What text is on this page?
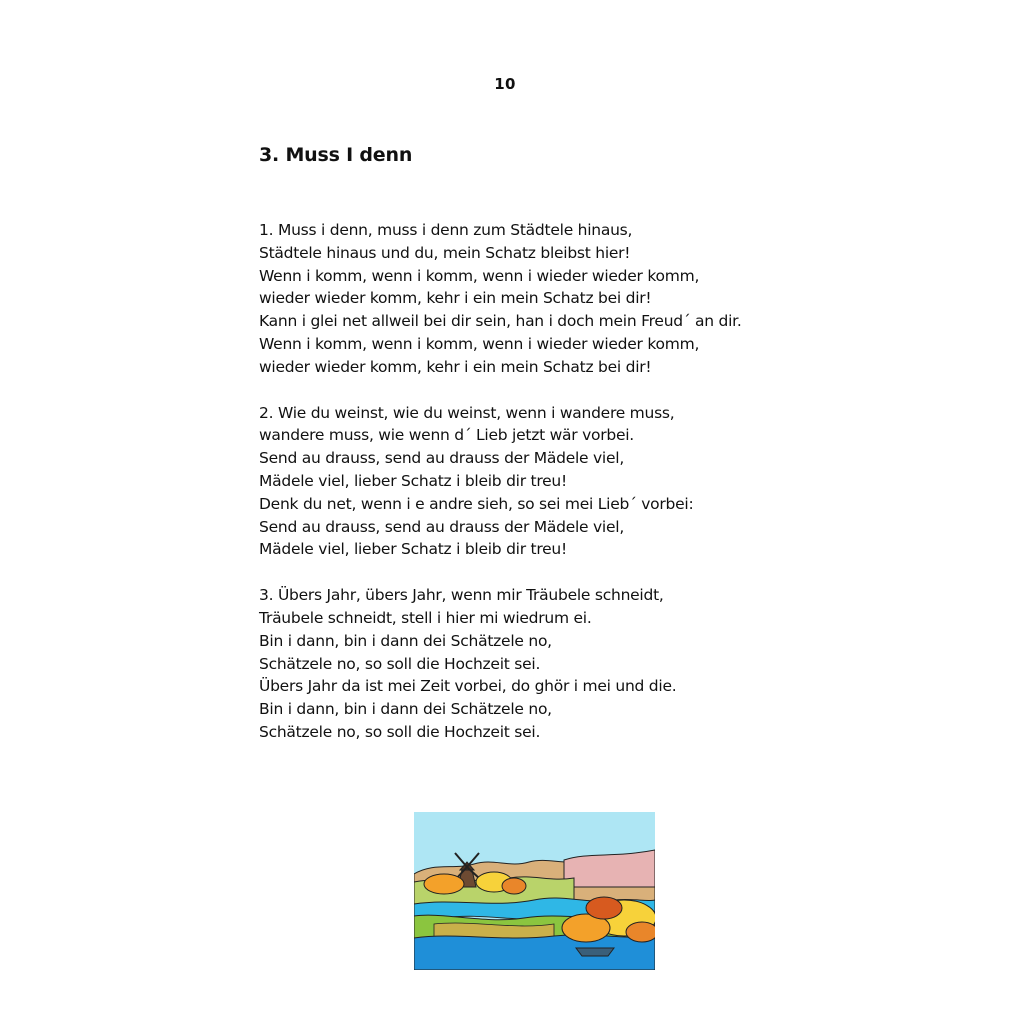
10
3. Muss I denn
1. Muss i denn, muss i denn zum Städtele hinaus,
Städtele hinaus und du, mein Schatz bleibst hier!
Wenn i komm, wenn i komm, wenn i wieder wieder komm,
wieder wieder komm, kehr i ein mein Schatz bei dir!
Kann i glei net allweil bei dir sein, han i doch mein Freud´ an dir.
Wenn i komm, wenn i komm, wenn i wieder wieder komm,
wieder wieder komm, kehr i ein mein Schatz bei dir!
2. Wie du weinst, wie du weinst, wenn i wandere muss,
wandere muss, wie wenn d´ Lieb jetzt wär vorbei.
Send au drauss, send au drauss der Mädele viel,
Mädele viel, lieber Schatz i bleib dir treu!
Denk du net, wenn i e andre sieh, so sei mei Lieb´ vorbei:
Send au drauss, send au drauss der Mädele viel,
Mädele viel, lieber Schatz i bleib dir treu!
3. Übers Jahr, übers Jahr, wenn mir Träubele schneidt,
Träubele schneidt, stell i hier mi wiedrum ei.
Bin i dann, bin i dann dei Schätzele no,
Schätzele no, so soll die Hochzeit sei.
Übers Jahr da ist mei Zeit vorbei, do ghör i mei und die.
Bin i dann, bin i dann dei Schätzele no,
Schätzele no, so soll die Hochzeit sei.
